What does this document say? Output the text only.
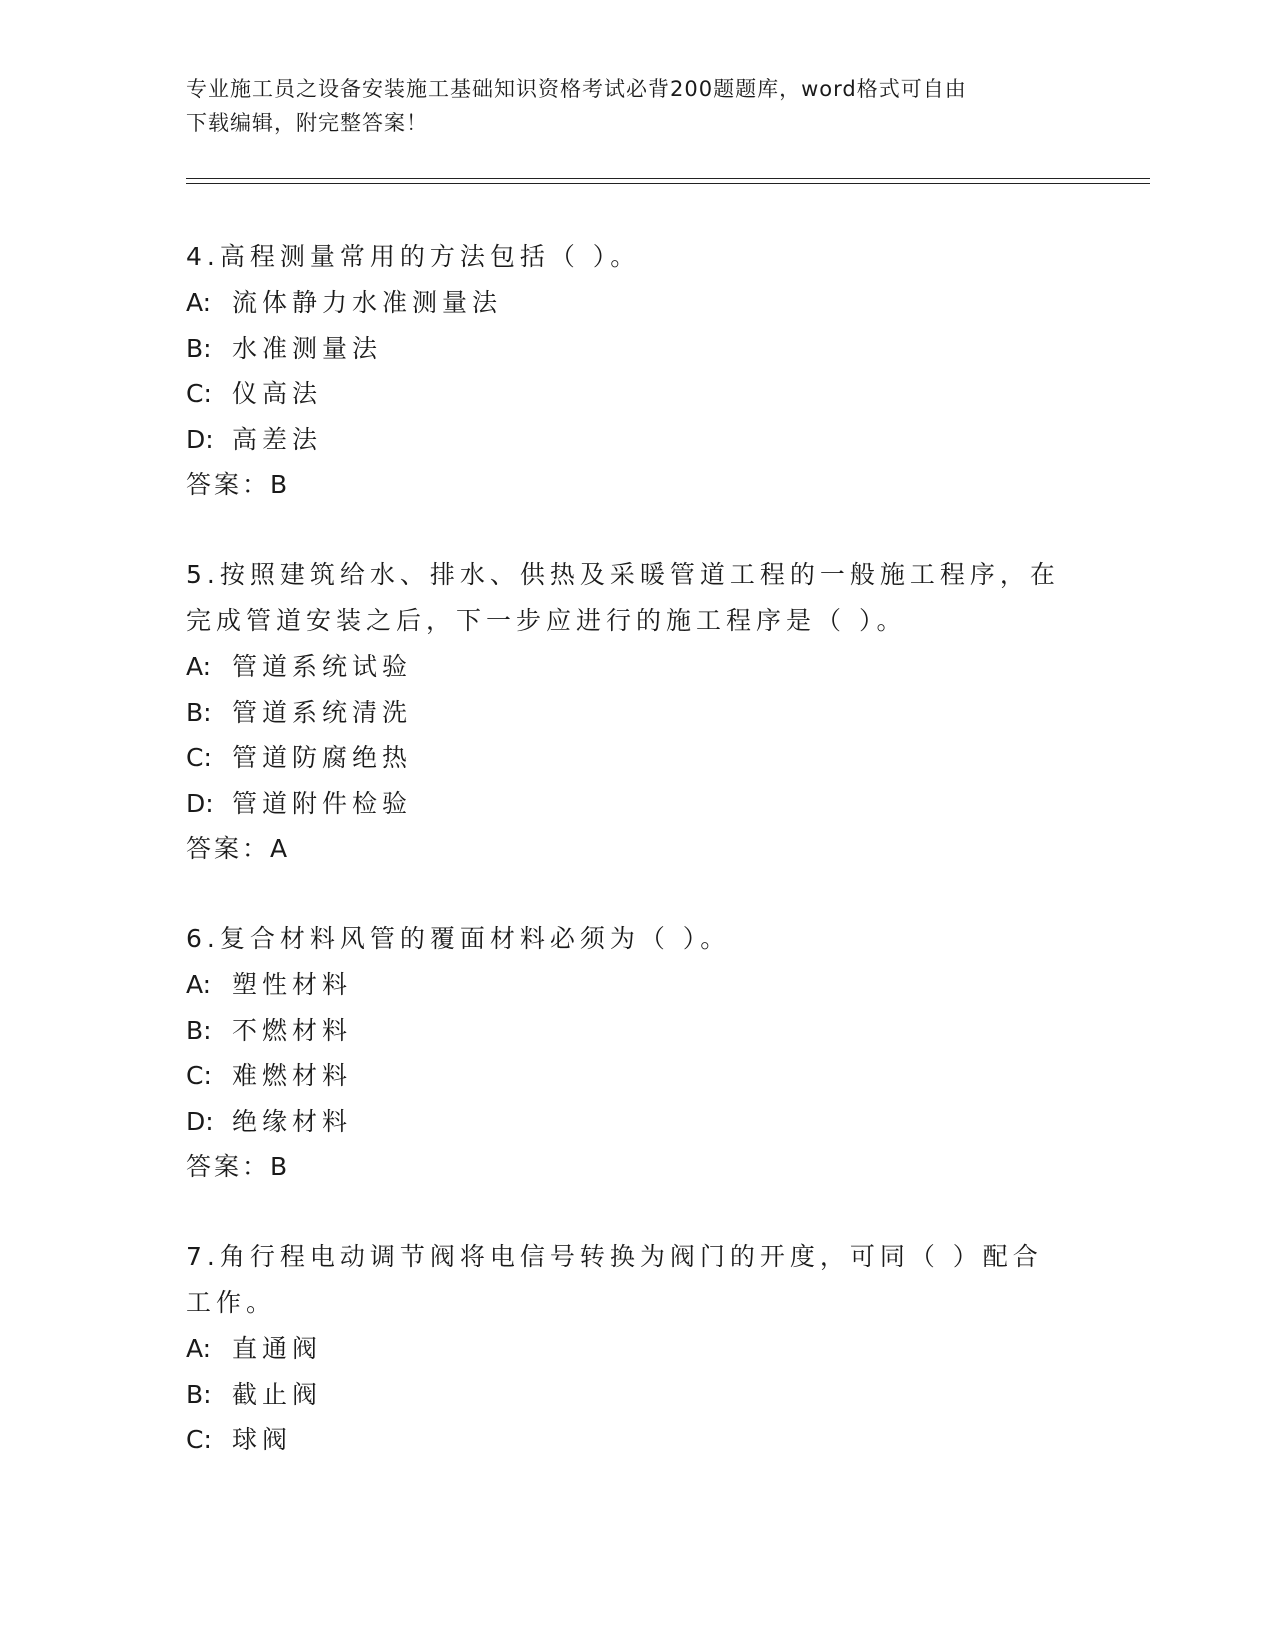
专业施工员之设备安装施工基础知识资格考试必背200题题库，word格式可自由
下载编辑，附完整答案！
4.高程测量常用的方法包括（ ）。
A: 流体静力水准测量法
B: 水准测量法
C: 仪高法
D: 高差法
答案：B
5.按照建筑给水、排水、供热及采暖管道工程的一般施工程序，在完成管道安装之后，下一步应进行的施工程序是（ ）。
A: 管道系统试验
B: 管道系统清洗
C: 管道防腐绝热
D: 管道附件检验
答案：A
6.复合材料风管的覆面材料必须为（ ）。
A: 塑性材料
B: 不燃材料
C: 难燃材料
D: 绝缘材料
答案：B
7.角行程电动调节阀将电信号转换为阀门的开度，可同（ ）配合工作。
A: 直通阀
B: 截止阀
C: 球阀
